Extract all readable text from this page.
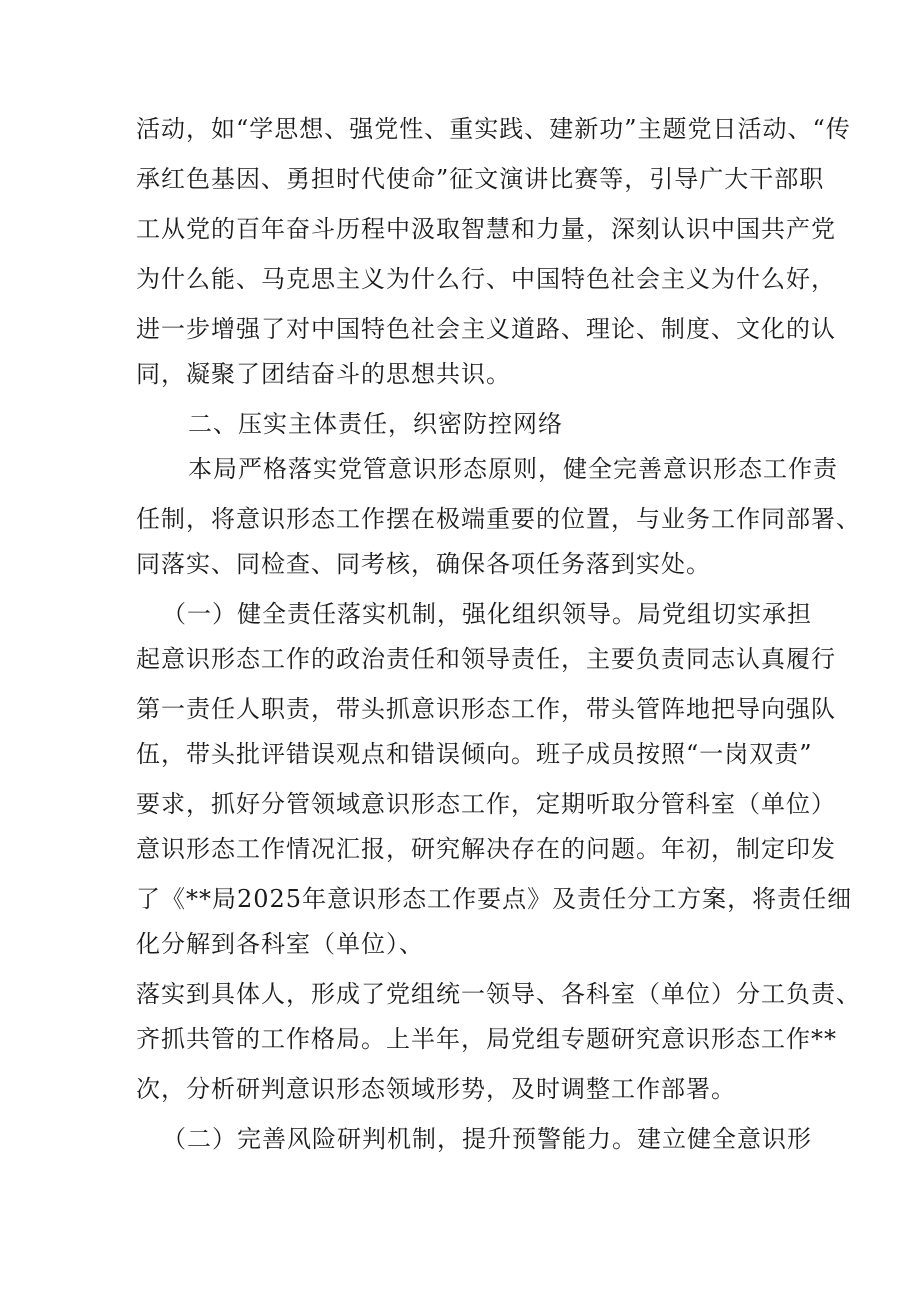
活动，如“学思想、强党性、重实践、建新功”主题党日活动、“传
承红色基因、勇担时代使命”征文演讲比赛等，引导广大干部职
工从党的百年奋斗历程中汲取智慧和力量，深刻认识中国共产党
为什么能、马克思主义为什么行、中国特色社会主义为什么好，
进一步增强了对中国特色社会主义道路、理论、制度、文化的认
同，凝聚了团结奋斗的思想共识。
二、压实主体责任，织密防控网络
本局严格落实党管意识形态原则，健全完善意识形态工作责
任制，将意识形态工作摆在极端重要的位置，与业务工作同部署、
同落实、同检查、同考核，确保各项任务落到实处。
（一）健全责任落实机制，强化组织领导。局党组切实承担
起意识形态工作的政治责任和领导责任，主要负责同志认真履行
第一责任人职责，带头抓意识形态工作，带头管阵地把导向强队
伍，带头批评错误观点和错误倾向。班子成员按照“一岗双责”
要求，抓好分管领域意识形态工作，定期听取分管科室（单位）
意识形态工作情况汇报，研究解决存在的问题。年初，制定印发
了《**局2025年意识形态工作要点》及责任分工方案，将责任细
化分解到各科室（单位）、
落实到具体人，形成了党组统一领导、各科室（单位）分工负责、
齐抓共管的工作格局。上半年，局党组专题研究意识形态工作**
次，分析研判意识形态领域形势，及时调整工作部署。
（二）完善风险研判机制，提升预警能力。建立健全意识形
